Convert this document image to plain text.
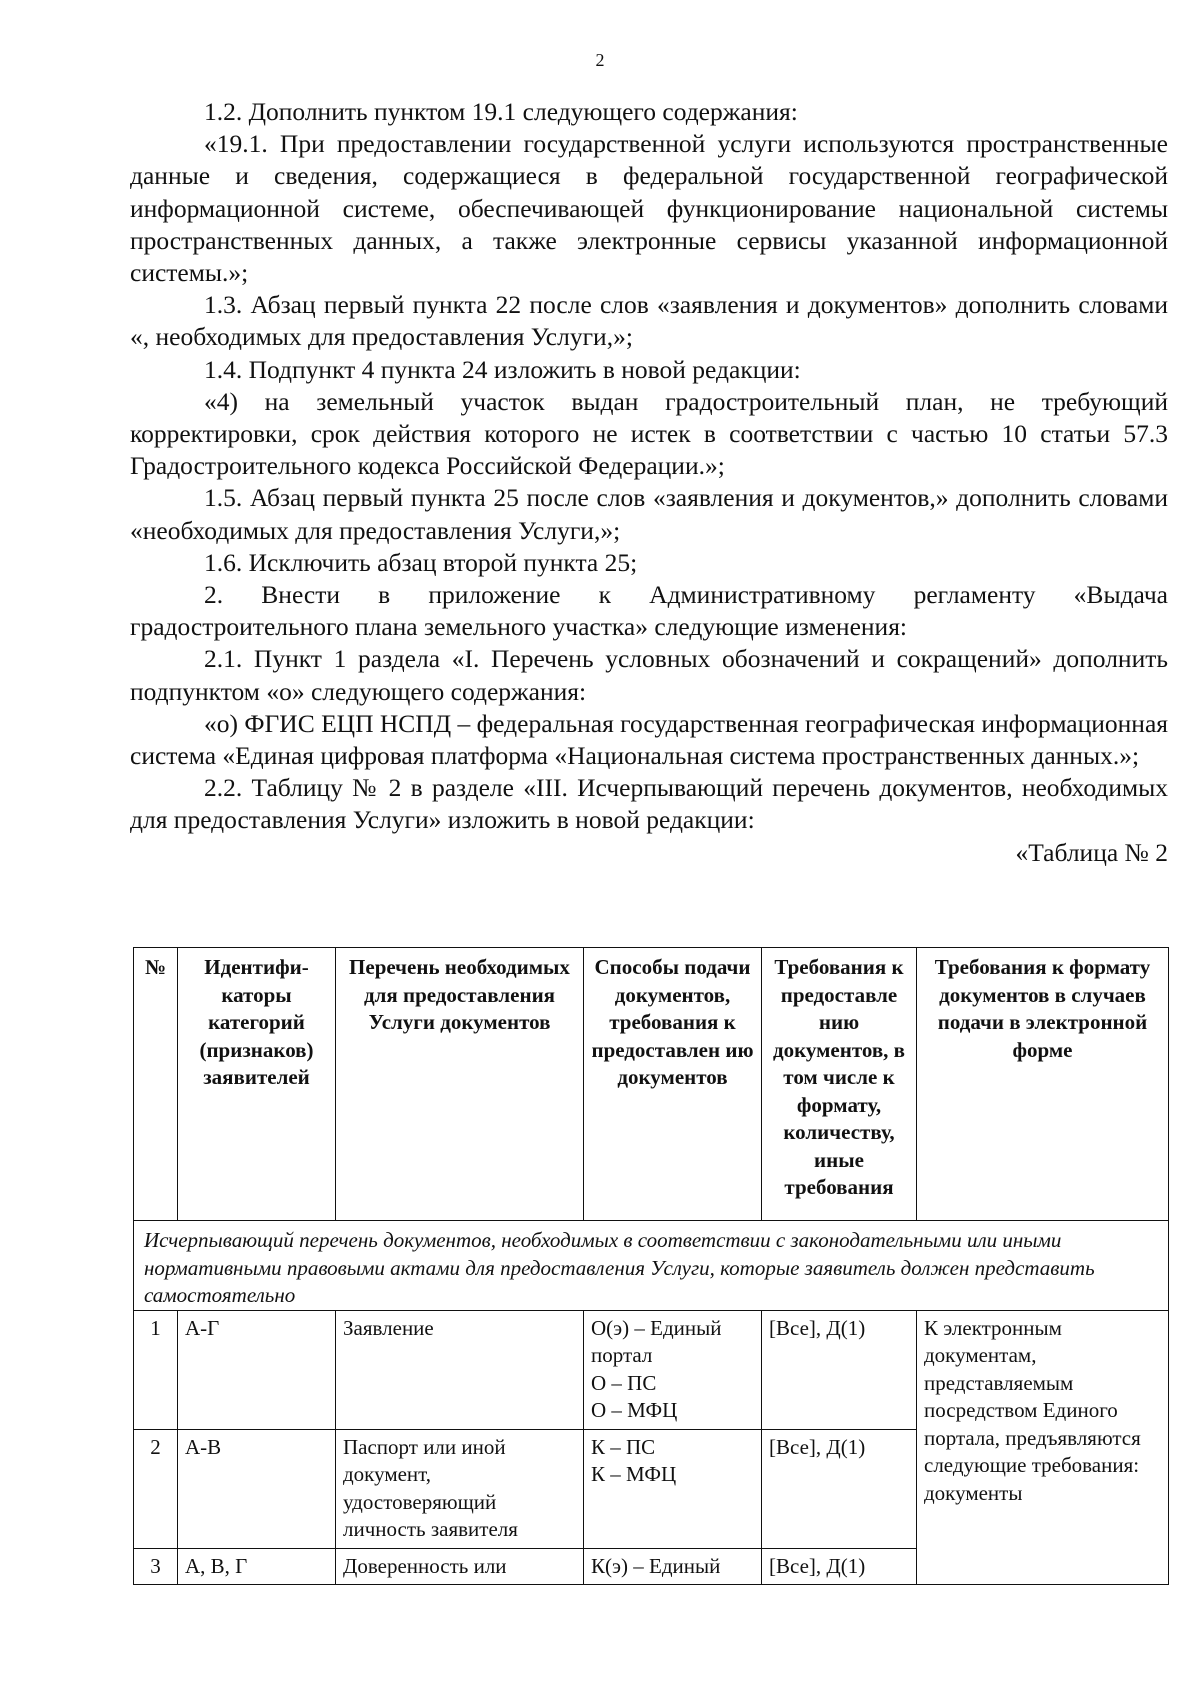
2

1.2. Дополнить пунктом 19.1 следующего содержания:

«19.1. При предоставлении государственной услуги используются пространственные данные и сведения, содержащиеся в федеральной государственной географической информационной системе, обеспечивающей функционирование национальной системы пространственных данных, а также электронные сервисы указанной информационной системы.»;

1.3. Абзац первый пункта 22 после слов «заявления и документов» дополнить словами «, необходимых для предоставления Услуги,»;

1.4. Подпункт 4 пункта 24 изложить в новой редакции:

«4) на земельный участок выдан градостроительный план, не требующий корректировки, срок действия которого не истек в соответствии с частью 10 статьи 57.3 Градостроительного кодекса Российской Федерации.»;

1.5. Абзац первый пункта 25 после слов «заявления и документов,» дополнить словами «необходимых для предоставления Услуги,»;

1.6. Исключить абзац второй пункта 25;

2. Внести в приложение к Административному регламенту «Выдача градостроительного плана земельного участка» следующие изменения:

2.1. Пункт 1 раздела «I. Перечень условных обозначений и сокращений» дополнить подпунктом «о» следующего содержания:

«о) ФГИС ЕЦП НСПД – федеральная государственная географическая информационная система «Единая цифровая платформа «Национальная система пространственных данных.»;

2.2. Таблицу № 2 в разделе «III. Исчерпывающий перечень документов, необходимых для предоставления Услуги» изложить в новой редакции:

«Таблица № 2

№	Идентифи-каторы категорий (признаков) заявителей	Перечень необходимых для предоставления Услуги документов	Способы подачи документов, требования к предоставлен ию документов	Требования к предоставле нию документов, в том числе к формату, количеству, иные требования	Требования к формату документов в случаев подачи в электронной форме
Исчерпывающий перечень документов, необходимых в соответствии с законодательными или иными нормативными правовыми актами для предоставления Услуги, которые заявитель должен представить самостоятельно					
1	А-Г	Заявление	О(э) – Единый портал
О – ПС
О – МФЦ	[Все], Д(1)	К электронным документам, представляемым посредством Единого портала, предъявляются следующие требования: документы
2	А-В	Паспорт или иной документ, удостоверяющий личность заявителя	К – ПС
К – МФЦ	[Все], Д(1)	
3	А, В, Г	Доверенность или	К(э) – Единый	[Все], Д(1)	
